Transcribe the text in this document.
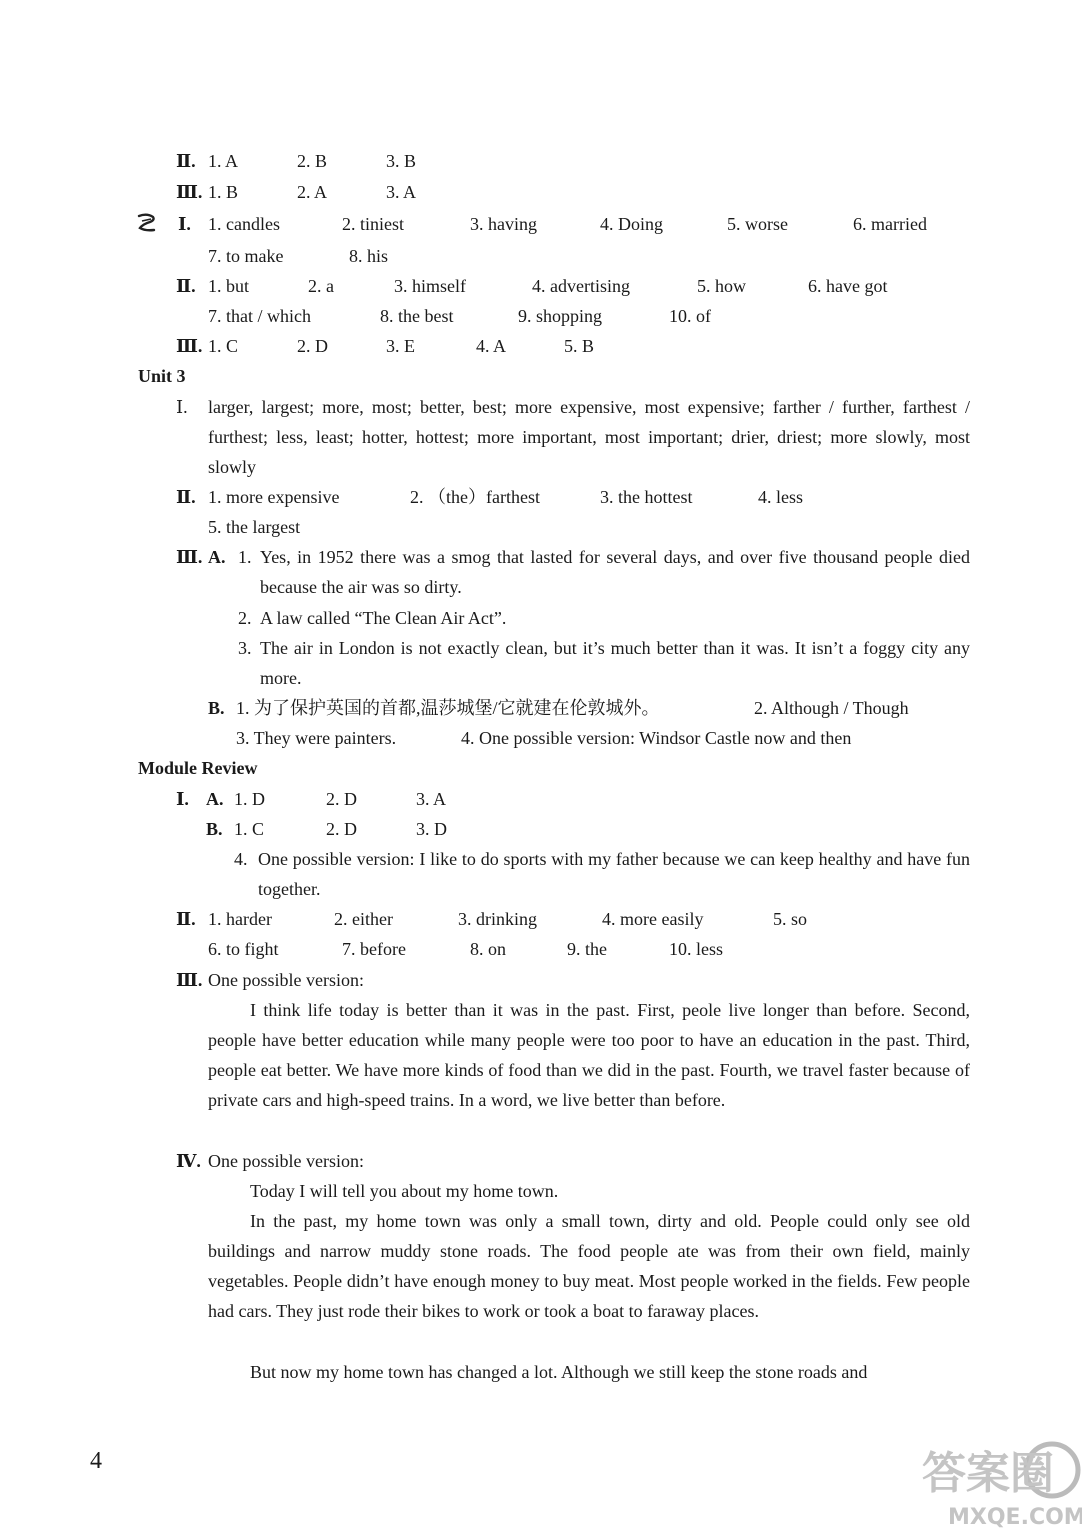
Ⅱ. 1. A	2. B	3. B
Ⅲ. 1. B	2. A	3. A
Ⅰ. 1. candles	2. tiniest	3. having	4. Doing	5. worse	6. married
7. to make	8. his
Ⅱ. 1. but	2. a	3. himself	4. advertising	5. how	6. have got
7. that / which	8. the best	9. shopping	10. of
Ⅲ. 1. C	2. D	3. E	4. A	5. B
Unit 3
Ⅰ. larger, largest; more, most; better, best; more expensive, most expensive; farther / further, farthest / furthest; less, least; hotter, hottest; more important, most important; drier, driest; more slowly, most slowly
Ⅱ. 1. more expensive	2. （the）farthest	3. the hottest	4. less
5. the largest
Ⅲ. A. 1. Yes, in 1952 there was a smog that lasted for several days, and over five thousand people died because the air was so dirty.
2. A law called “The Clean Air Act”.
3. The air in London is not exactly clean, but it’s much better than it was. It isn’t a foggy city any more.
B. 1. 为了保护英国的首都,温莎城堡/它就建在伦敦城外。	2. Although / Though
3. They were painters.	4. One possible version: Windsor Castle now and then
Module Review
Ⅰ. A. 1. D	2. D	3. A
B. 1. C	2. D	3. D
4. One possible version: I like to do sports with my father because we can keep healthy and have fun together.
Ⅱ. 1. harder	2. either	3. drinking	4. more easily	5. so
6. to fight	7. before	8. on	9. the	10. less
Ⅲ. One possible version:
I think life today is better than it was in the past. First, peole live longer than before. Second, people have better education while many people were too poor to have an education in the past. Third, people eat better. We have more kinds of food than we did in the past. Fourth, we travel faster because of private cars and high-speed trains. In a word, we live better than before.
Ⅳ. One possible version:
Today I will tell you about my home town.
In the past, my home town was only a small town, dirty and old. People could only see old buildings and narrow muddy stone roads. The food people ate was from their own field, mainly vegetables. People didn’t have enough money to buy meat. Most people worked in the fields. Few people had cars. They just rode their bikes to work or took a boat to faraway places.
But now my home town has changed a lot. Although we still keep the stone roads and
4	答案圈
MXQE.COM
